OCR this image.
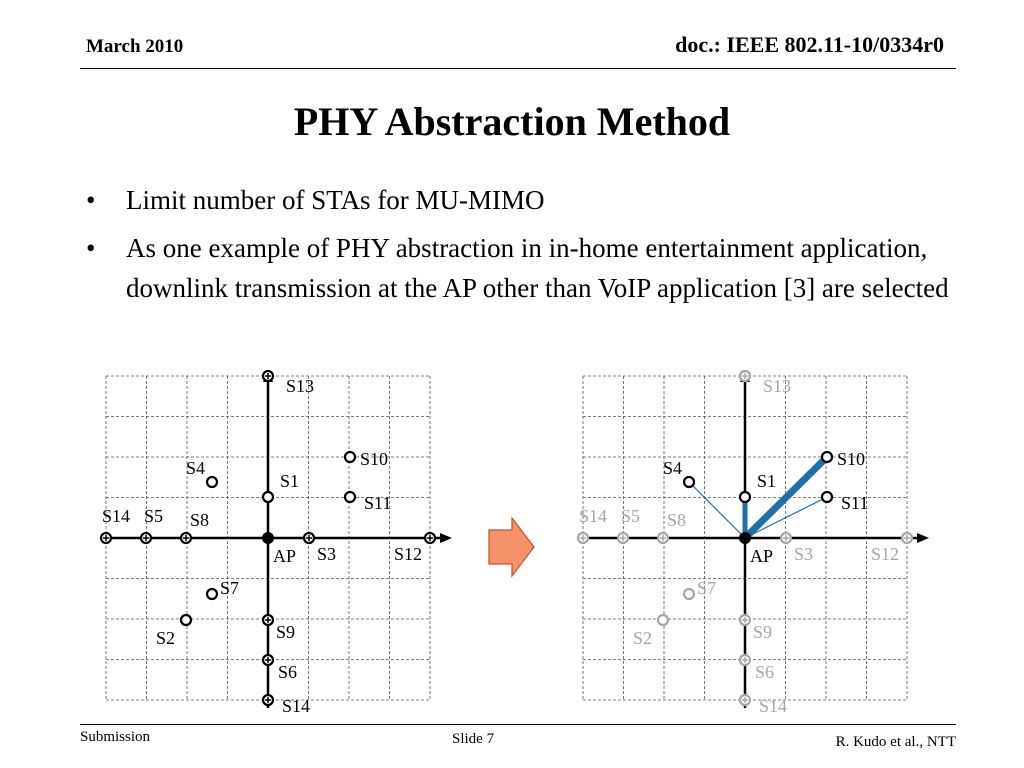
March 2010	doc.: IEEE 802.11-10/0334r0
PHY Abstraction Method
• Limit number of STAs for MU-MIMO
• As one example of PHY abstraction in in-home entertainment application, downlink transmission at the AP other than VoIP application [3] are selected
AP
S1
S2
S3
S4
S5
S6
S7
S8
S9
S10
S11
S12
S13
S14
S14
AP
S1
S2
S3
S4
S5
S6
S7
S8
S9
S10
S11
S12
S13
S14
S14
Submission	Slide 7	R. Kudo et al., NTT
